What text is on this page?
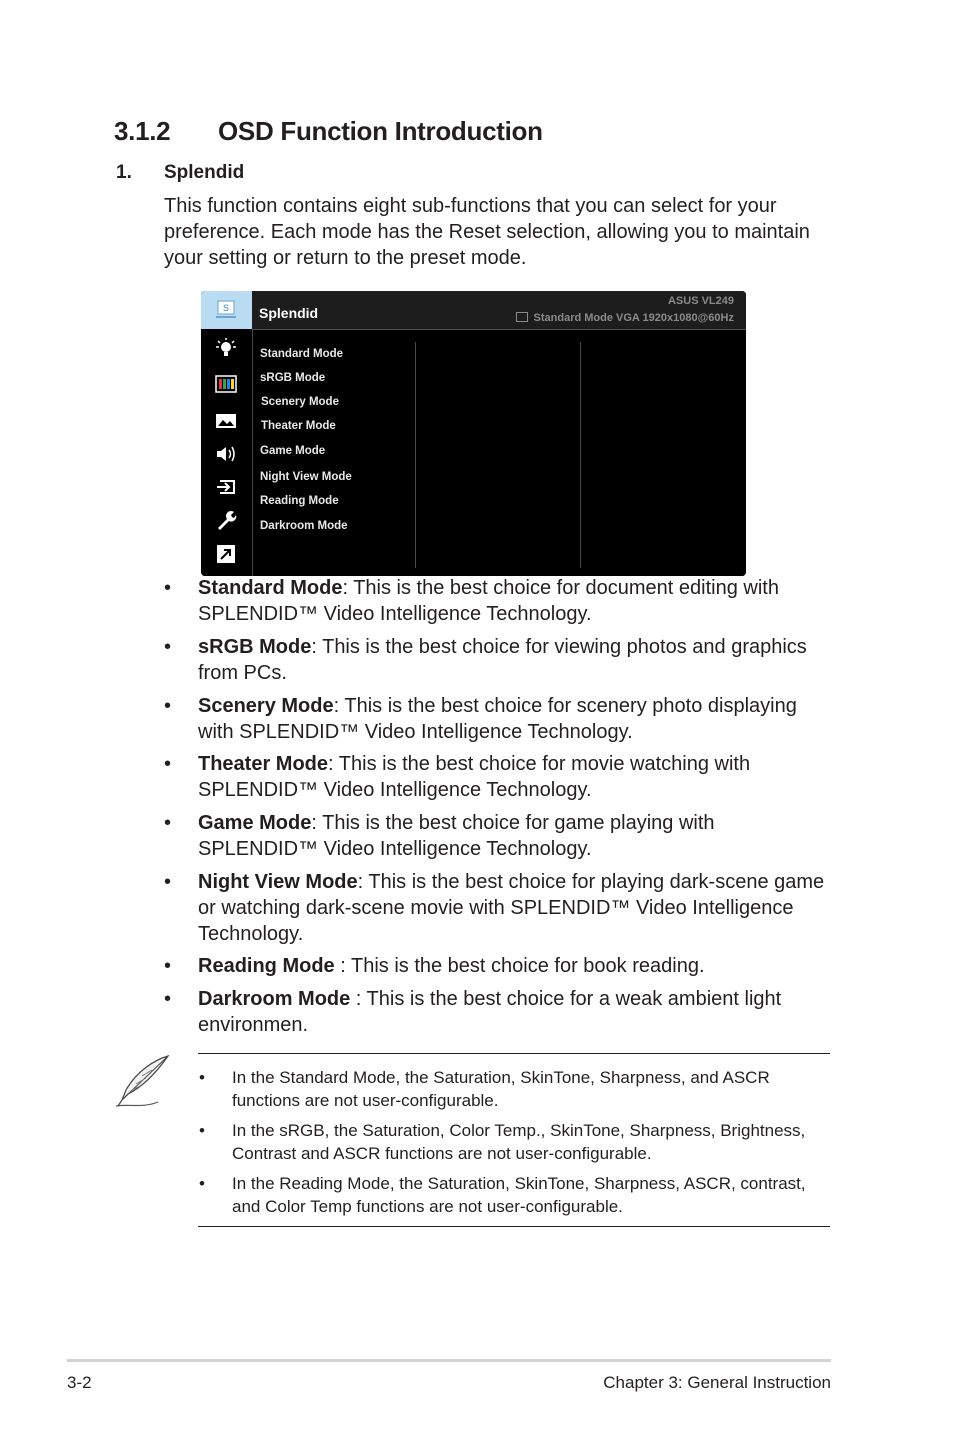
3.1.2 OSD Function Introduction
1. Splendid
This function contains eight sub-functions that you can select for your preference. Each mode has the Reset selection, allowing you to maintain your setting or return to the preset mode.
S Splendid
ASUS VL249
Standard Mode VGA 1920x1080@60Hz
Standard Mode
sRGB Mode
Scenery Mode
Theater Mode
Game Mode
Night View Mode
Reading Mode
Darkroom Mode
• Standard Mode: This is the best choice for document editing with SPLENDID™ Video Intelligence Technology.
• sRGB Mode: This is the best choice for viewing photos and graphics from PCs.
• Scenery Mode: This is the best choice for scenery photo displaying with SPLENDID™ Video Intelligence Technology.
• Theater Mode: This is the best choice for movie watching with SPLENDID™ Video Intelligence Technology.
• Game Mode: This is the best choice for game playing with SPLENDID™ Video Intelligence Technology.
• Night View Mode: This is the best choice for playing dark-scene game or watching dark-scene movie with SPLENDID™ Video Intelligence Technology.
• Reading Mode : This is the best choice for book reading.
• Darkroom Mode : This is the best choice for a weak ambient light environmen.
• In the Standard Mode, the Saturation, SkinTone, Sharpness, and ASCR functions are not user-configurable.
• In the sRGB, the Saturation, Color Temp., SkinTone, Sharpness, Brightness, Contrast and ASCR functions are not user-configurable.
• In the Reading Mode, the Saturation, SkinTone, Sharpness, ASCR, contrast, and Color Temp functions are not user-configurable.
3-2	Chapter 3: General Instruction
